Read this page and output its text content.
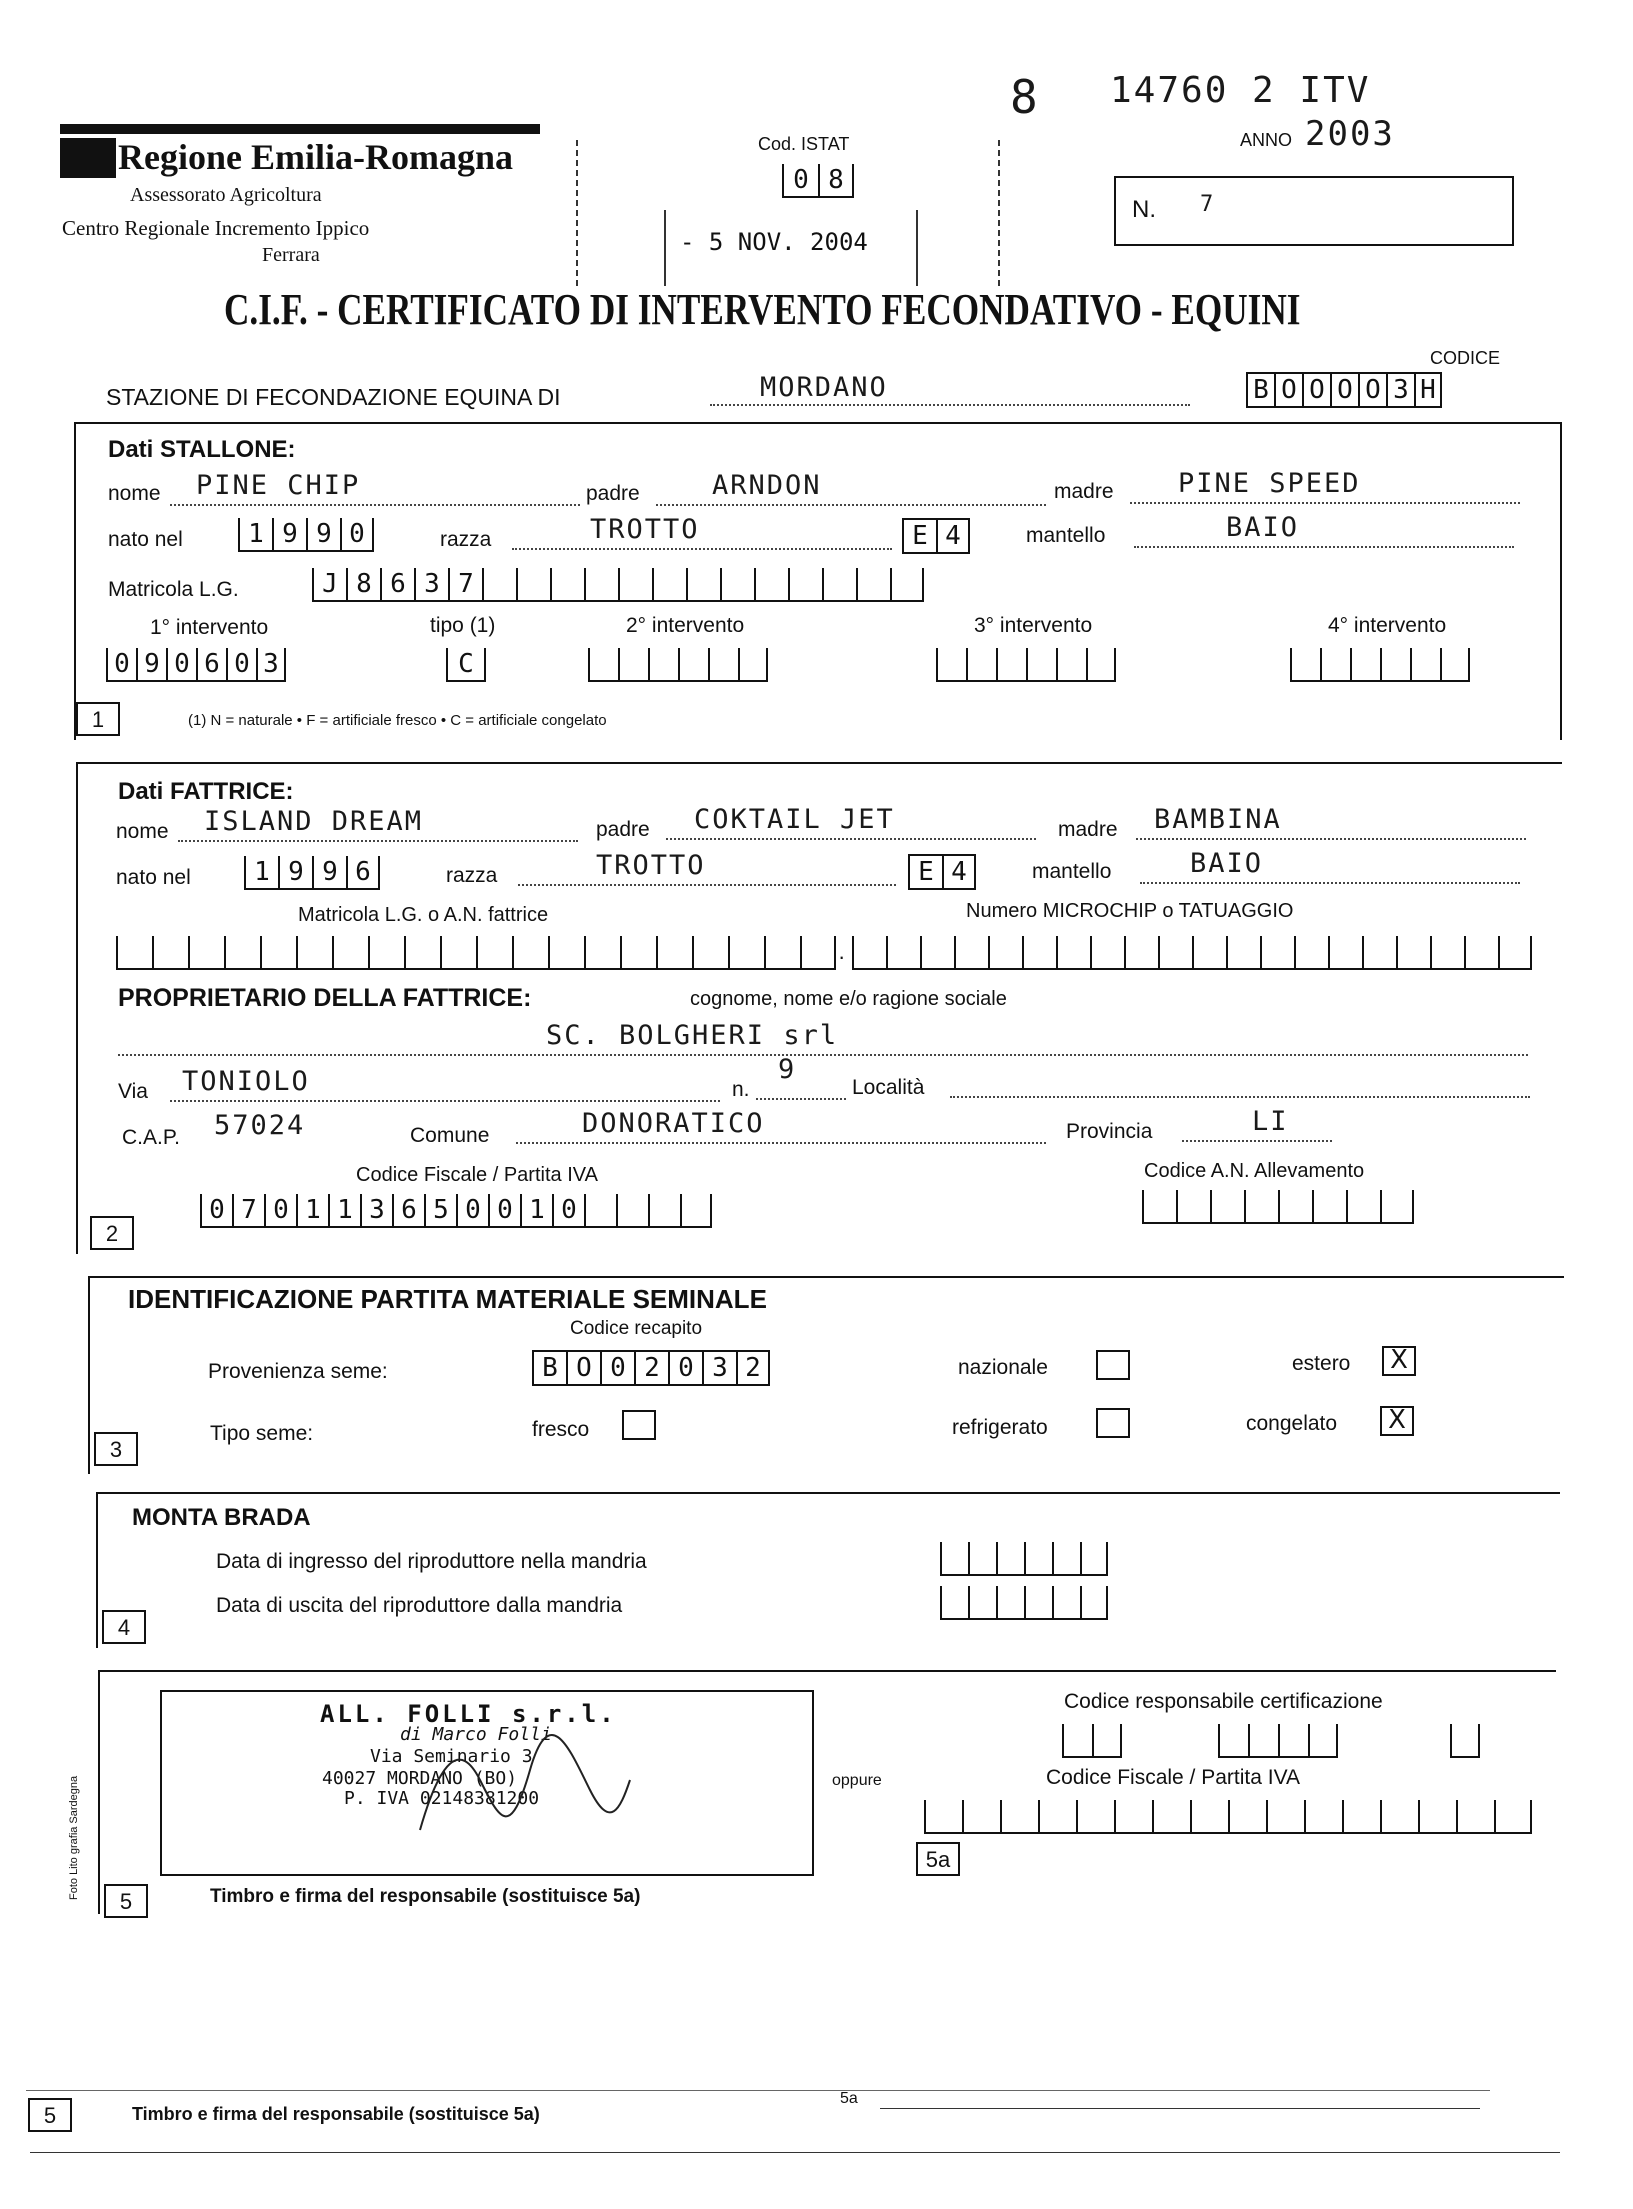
8 14760 2 ITV
ANNO 2003
Regione Emilia-Romagna
Assessorato Agricoltura
Centro Regionale Incremento Ippico
Ferrara
Cod. ISTAT
0 8
- 5 NOV. 2004
N. 7
C.I.F. - CERTIFICATO DI INTERVENTO FECONDATIVO - EQUINI
STAZIONE DI FECONDAZIONE EQUINA DI	MORDANO
CODICE
B O O O O 3 H
Dati STALLONE:
nome PINE CHIP	padre	ARNDON	madre PINE SPEED
nato nel	1 9 9 0	razza	TROTTO	E 4	mantello	BAIO
Matricola L.G.	J 8 6 3 7
1° intervento	tipo (1)	2° intervento	3° intervento	4° intervento
0 9 0 6 0 3	C
1	(1) N = naturale • F = artificiale fresco • C = artificiale congelato
Dati FATTRICE:
nome ISLAND DREAM	padre COKTAIL JET	madre BAMBINA
nato nel	1 9 9 6	razza	TROTTO	E 4	mantello	BAIO
Matricola L.G. o A.N. fattrice	Numero MICROCHIP o TATUAGGIO
·
PROPRIETARIO DELLA FATTRICE:	cognome, nome e/o ragione sociale
SC. BOLGHERI srl
Via TONIOLO	n.
9
Località
C.A.P. 57024	Comune	DONORATICO	Provincia	LI
Codice Fiscale / Partita IVA	Codice A.N. Allevamento
0 7 0 1 1 3 6 5 0 0 1 0
2
IDENTIFICAZIONE PARTITA MATERIALE SEMINALE
Codice recapito
Provenienza seme:	B O 0 2 0 3 2	nazionale	estero	X
Tipo seme:	fresco	refrigerato	congelato	X
3
MONTA BRADA
Data di ingresso del riproduttore nella mandria
Data di uscita del riproduttore dalla mandria
4
ALL. FOLLI s.r.l.
di Marco Folli
Via Seminario 3
40027 MORDANO (BO)
P. IVA 02148381200
oppure
Codice responsabile certificazione
Codice Fiscale / Partita IVA
5a
5	Timbro e firma del responsabile (sostituisce 5a)
Foto Lito grafia Sardegna
5	Timbro e firma del responsabile (sostituisce 5a)
5a
